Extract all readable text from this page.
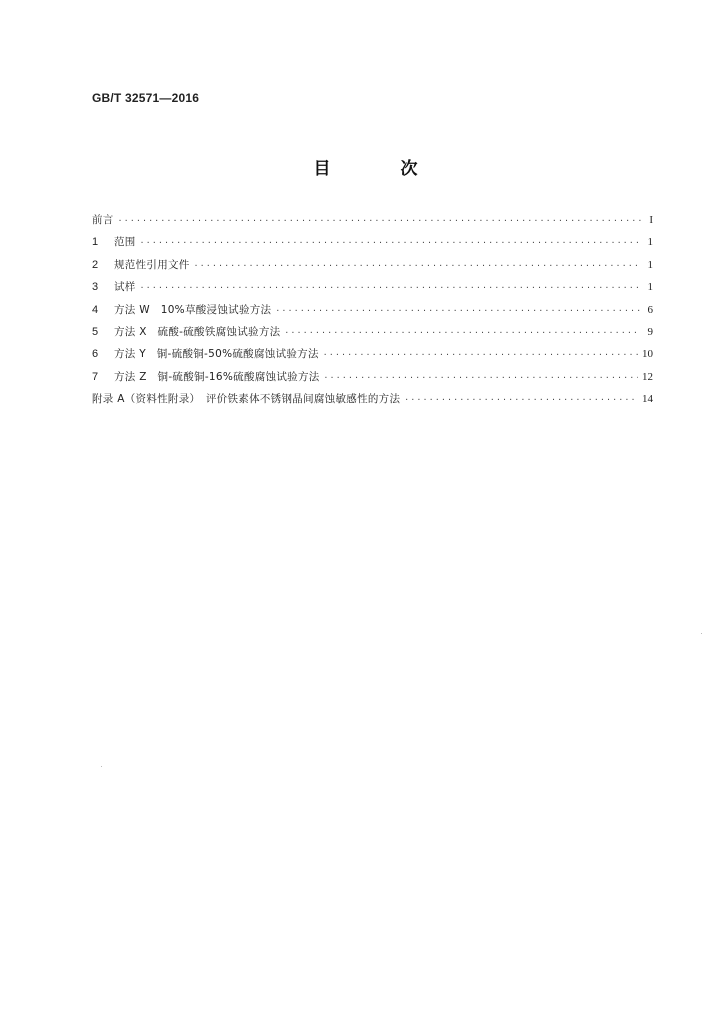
GB/T 32571—2016
目 次
前言 ·····	I
1	范围 ·····	1
2	规范性引用文件 ·····	1
3	试样 ·····	1
4	方法 W　10%草酸浸蚀试验方法 ·····	6
5	方法 X　硫酸-硫酸铁腐蚀试验方法 ·····	9
6	方法 Y　铜-硫酸铜-50%硫酸腐蚀试验方法 ·····	10
7	方法 Z　铜-硫酸铜-16%硫酸腐蚀试验方法 ·····	12
附录 A（资料性附录）　评价铁素体不锈钢晶间腐蚀敏感性的方法 ·····	14
